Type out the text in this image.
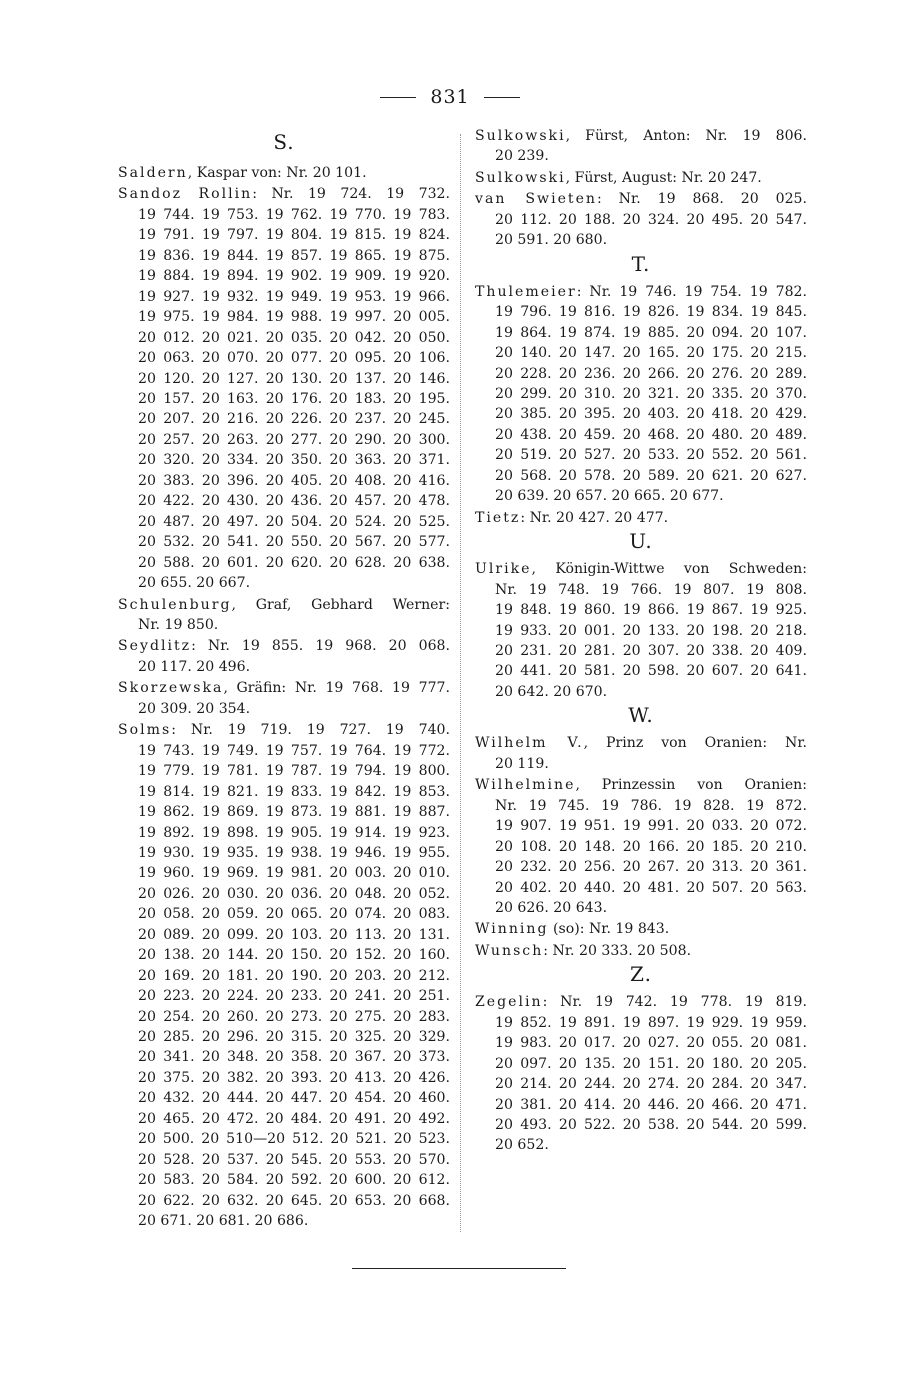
831
S.
Saldern, Kaspar von: Nr. 20 101.
Sandoz Rollin: Nr. 19 724. 19 732.
19 744. 19 753. 19 762. 19 770. 19 783.
19 791. 19 797. 19 804. 19 815. 19 824.
19 836. 19 844. 19 857. 19 865. 19 875.
19 884. 19 894. 19 902. 19 909. 19 920.
19 927. 19 932. 19 949. 19 953. 19 966.
19 975. 19 984. 19 988. 19 997. 20 005.
20 012. 20 021. 20 035. 20 042. 20 050.
20 063. 20 070. 20 077. 20 095. 20 106.
20 120. 20 127. 20 130. 20 137. 20 146.
20 157. 20 163. 20 176. 20 183. 20 195.
20 207. 20 216. 20 226. 20 237. 20 245.
20 257. 20 263. 20 277. 20 290. 20 300.
20 320. 20 334. 20 350. 20 363. 20 371.
20 383. 20 396. 20 405. 20 408. 20 416.
20 422. 20 430. 20 436. 20 457. 20 478.
20 487. 20 497. 20 504. 20 524. 20 525.
20 532. 20 541. 20 550. 20 567. 20 577.
20 588. 20 601. 20 620. 20 628. 20 638.
20 655. 20 667.
Schulenburg, Graf, Gebhard Werner:
Nr. 19 850.
Seydlitz: Nr. 19 855. 19 968. 20 068.
20 117. 20 496.
Skorzewska, Gräfin: Nr. 19 768. 19 777.
20 309. 20 354.
Solms: Nr. 19 719. 19 727. 19 740.
19 743. 19 749. 19 757. 19 764. 19 772.
19 779. 19 781. 19 787. 19 794. 19 800.
19 814. 19 821. 19 833. 19 842. 19 853.
19 862. 19 869. 19 873. 19 881. 19 887.
19 892. 19 898. 19 905. 19 914. 19 923.
19 930. 19 935. 19 938. 19 946. 19 955.
19 960. 19 969. 19 981. 20 003. 20 010.
20 026. 20 030. 20 036. 20 048. 20 052.
20 058. 20 059. 20 065. 20 074. 20 083.
20 089. 20 099. 20 103. 20 113. 20 131.
20 138. 20 144. 20 150. 20 152. 20 160.
20 169. 20 181. 20 190. 20 203. 20 212.
20 223. 20 224. 20 233. 20 241. 20 251.
20 254. 20 260. 20 273. 20 275. 20 283.
20 285. 20 296. 20 315. 20 325. 20 329.
20 341. 20 348. 20 358. 20 367. 20 373.
20 375. 20 382. 20 393. 20 413. 20 426.
20 432. 20 444. 20 447. 20 454. 20 460.
20 465. 20 472. 20 484. 20 491. 20 492.
20 500. 20 510—20 512. 20 521. 20 523.
20 528. 20 537. 20 545. 20 553. 20 570.
20 583. 20 584. 20 592. 20 600. 20 612.
20 622. 20 632. 20 645. 20 653. 20 668.
20 671. 20 681. 20 686.
Sulkowski, Fürst, Anton: Nr. 19 806.
20 239.
Sulkowski, Fürst, August: Nr. 20 247.
van Swieten: Nr. 19 868. 20 025.
20 112. 20 188. 20 324. 20 495. 20 547.
20 591. 20 680.
T.
Thulemeier: Nr. 19 746. 19 754. 19 782.
19 796. 19 816. 19 826. 19 834. 19 845.
19 864. 19 874. 19 885. 20 094. 20 107.
20 140. 20 147. 20 165. 20 175. 20 215.
20 228. 20 236. 20 266. 20 276. 20 289.
20 299. 20 310. 20 321. 20 335. 20 370.
20 385. 20 395. 20 403. 20 418. 20 429.
20 438. 20 459. 20 468. 20 480. 20 489.
20 519. 20 527. 20 533. 20 552. 20 561.
20 568. 20 578. 20 589. 20 621. 20 627.
20 639. 20 657. 20 665. 20 677.
Tietz: Nr. 20 427. 20 477.
U.
Ulrike, Königin-Wittwe von Schweden:
Nr. 19 748. 19 766. 19 807. 19 808.
19 848. 19 860. 19 866. 19 867. 19 925.
19 933. 20 001. 20 133. 20 198. 20 218.
20 231. 20 281. 20 307. 20 338. 20 409.
20 441. 20 581. 20 598. 20 607. 20 641.
20 642. 20 670.
W.
Wilhelm V., Prinz von Oranien: Nr.
20 119.
Wilhelmine, Prinzessin von Oranien:
Nr. 19 745. 19 786. 19 828. 19 872.
19 907. 19 951. 19 991. 20 033. 20 072.
20 108. 20 148. 20 166. 20 185. 20 210.
20 232. 20 256. 20 267. 20 313. 20 361.
20 402. 20 440. 20 481. 20 507. 20 563.
20 626. 20 643.
Winning (so): Nr. 19 843.
Wunsch: Nr. 20 333. 20 508.
Z.
Zegelin: Nr. 19 742. 19 778. 19 819.
19 852. 19 891. 19 897. 19 929. 19 959.
19 983. 20 017. 20 027. 20 055. 20 081.
20 097. 20 135. 20 151. 20 180. 20 205.
20 214. 20 244. 20 274. 20 284. 20 347.
20 381. 20 414. 20 446. 20 466. 20 471.
20 493. 20 522. 20 538. 20 544. 20 599.
20 652.
